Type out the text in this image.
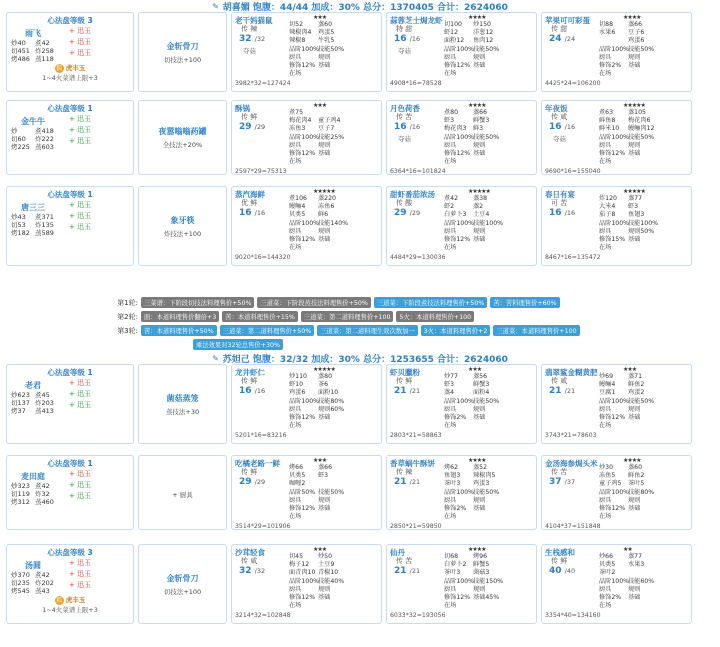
✎ 胡喜媚 饱腹：44/44 加成：30% 总分：1370405 合计：2624060
心法盘等级 3
雨飞
炒40 煮42
切451 炸258
烤486 蒸118
+ 迅玉
+ 迅玉
+ 迅玉
狐 虎丰玉
1~4火菜谱上限+3
金斩骨刀
切技法+100
老干妈猫鼠
传 辣
32 /32
夺菇
★★★
切52	蒸60
辣椒肉4	鸡蛋5
辣椒8	牛乳5
品阶100%
技能50%
厨具	规则
修饰12% 基础
在场
3982*32=127424
蒜蓉芝士焗龙虾
特 甜
16 /16
夺菇
★★★★
切100	炒150
虾12	洋葱12
面粉12	鱼肉12
品阶100%
技能50%
厨具	规则
修饰12% 基础
在场
4908*16=78528
苹果可可彩蛋
传 甜
24 /24
★★★★
切88	蒸66
水果6	豆子6
鸡蛋6
品阶100%
技能50%
厨具	规则
修饰2%	基础
在场
4425*24=106200
心法盘等级 1
金牛牛
炒	煮418
切60 炸222
烤225 蒸603
+ 迅玉
+ 迅玉
+ 迅玉
夜嚣嗡嗡药罐
全技法+20%
酥锅
传 鲜
29 /29
★★★
煮75
梅花肉4	童子鸡4
冻鱼3	豆子7
品阶100%
技能25%
厨具	规则
修饰12% 基础
在场
2597*29=75313
月色荷香
传 苦
16 /16
夺菇
★★★★
煮80	蒸66
虾3	鲜蟹3
梅花肉3	鲜3
品阶100%
技能50%
厨具	规则
修饰12% 基础
在场
6364*16=101824
年夜饭
传 咸
16 /16
夺菇
★★★★★
煮63	蒸105
鲜鱼8	梅花肉6
鲜米10	鳗鲡肉12
品阶100%
技能50%
厨具	规则
修饰12% 基础
在场
9690*16=155040
心法盘等级 1
唐三三
炒43 煮371
切53 炸135
烤182 蒸589
+ 迅玉
+ 迅玉
+ 迅玉
象牙筷
炸技法+100
蒸汽海鲜
优 鲜
16 /16
★★★★★
煮106	蒸220
鳗鲡4	冻鱼6
贝类5	鲜6
品阶100%
技能140%
厨具	规则
修饰12% 基础
在场
9020*16=144320
甜虾番茄浓汤
传 酸
29 /29
★★★★★
煮42	蒸38
虾2	蒸2
白萝卜3	土豆4
品阶100%
技能100%
厨具	规则
修饰12% 基础
在场
4484*29=130036
春日有宴
可 苦
16 /16
★★★★★
炸120	蒸77
大米4	虾3
茄子8	鱼翅3
品阶100%
技能100%
厨具	规则50%
修饰15% 基础
在场
8467*16=135472
✎ 苏妲己 饱腹：32/32 加成：30% 总分：1253655 合计：2624060
心法盘等级 1
老君
炒623 煮45
切137 炸203
烤37 蒸413
+ 迅玉
+ 迅玉
+ 迅玉
菌菇蒸笼
蒸技法+30
龙井虾仁
传 鲜
16 /16
★★★★★
炒110	蒸80
虾10	茶6
鸡蛋6	面粉10
品阶100%
技能80%
厨具	规则60%
修饰12% 基础
在场
5201*16=83216
虾贝臘粉
传 鲜
21 /21
★★★
炒77	蒸56
虾3	鲜蟹3
蒸4	面粉4
品阶100%
技能50%
厨具	规则
修饰2%	基础
在场
2803*21=58863
翡翠鲨金糊黄肥
传 咸
21 /21
★★★
炒69	蒸71
鳗鲡4	鲜鱼2
豆腐1	鸡蛋2
品阶100%
技能50%
厨具	规则
修饰12% 基础
在场
3743*21=78603
心法盘等级 1
麦田庭
炒323 煮42
切119 炸32
烤312 蒸460
+ 迅玉
+ 迅玉
+ 迅玉	+ 厨具
吃橘老路一鲜
传 鲜
29 /29
★★★
烤66	蒸66
贝类5	虾3
咖喱2
品阶50% 技能50%
厨具	规则
修饰12% 基础
在场
3514*29=101906
香草蜗牛酥饼
传 辣
21 /21
★★★★
烤62	蒸52
鱼翅3	辣椒肉5
茶叶3	鸡蛋3
品阶100%
技能50%
厨具	规则
修饰2%	基础
在场
2850*21=59850
金汤海参焗头米
传 苦
37 /37
★★★★
炒30	蒸60
冻鱼5	鲜鱼2
童子鸡5	茶叶5
品阶100%
技能80%
厨具	规则
修饰12% 基础
在场
4104*37=151848
心法盘等级 3
汤圆
炒370 煮42
切235 炸202
烤545 蒸43
+ 迅玉
+ 迅玉
+ 迅玉
狐 虎丰玉
1~4火菜谱上限+3
金斩骨刀
切技法+100
沙茸轻食
传 咸
32 /32
★★★
切45	炒50
梅子12	土豆9
面青肉10 青椒10
品阶100%
技能40%
厨具	规则
修饰12% 基础
在场
3214*32=102848
仙丹
传 苦
21 /21
★★★★
切68	烤96
白萝卜2	鲜蟹5
茶叶3	菌菇3
品阶100%
技能150%
厨具	规则
修饰12% 基础45%
在场
6033*32=193056
生栈感和
传 鲜
40 /40
★★
炒66	蒸77
贝类5	水果3
茶叶2
品阶100%
技能60%
厨具	规则
修饰2%	基础
在场
3354*40=134160
第1轮: 三菜谱：下阶段切技法料理售价+50%	三道菜：下阶段蒸技法料理售价+50%	三道菜：下阶段煮技法料理售价+50%	苦：苦料理售价+60%
第2轮: 面：本道料理售价翻倍+3	苦：本道料理售价+15%	三道菜：第二道料理售价+100	5火：本道料理售价+100
第3轮: 苦：本道料理售价+50%	三道菜：第二道料理售价+50%	三道菜：第二道料理生效次数加一	3火：本道料理售价+2	三道菜：本道料理售价+100
乘法效果对32轮总售价+30%
